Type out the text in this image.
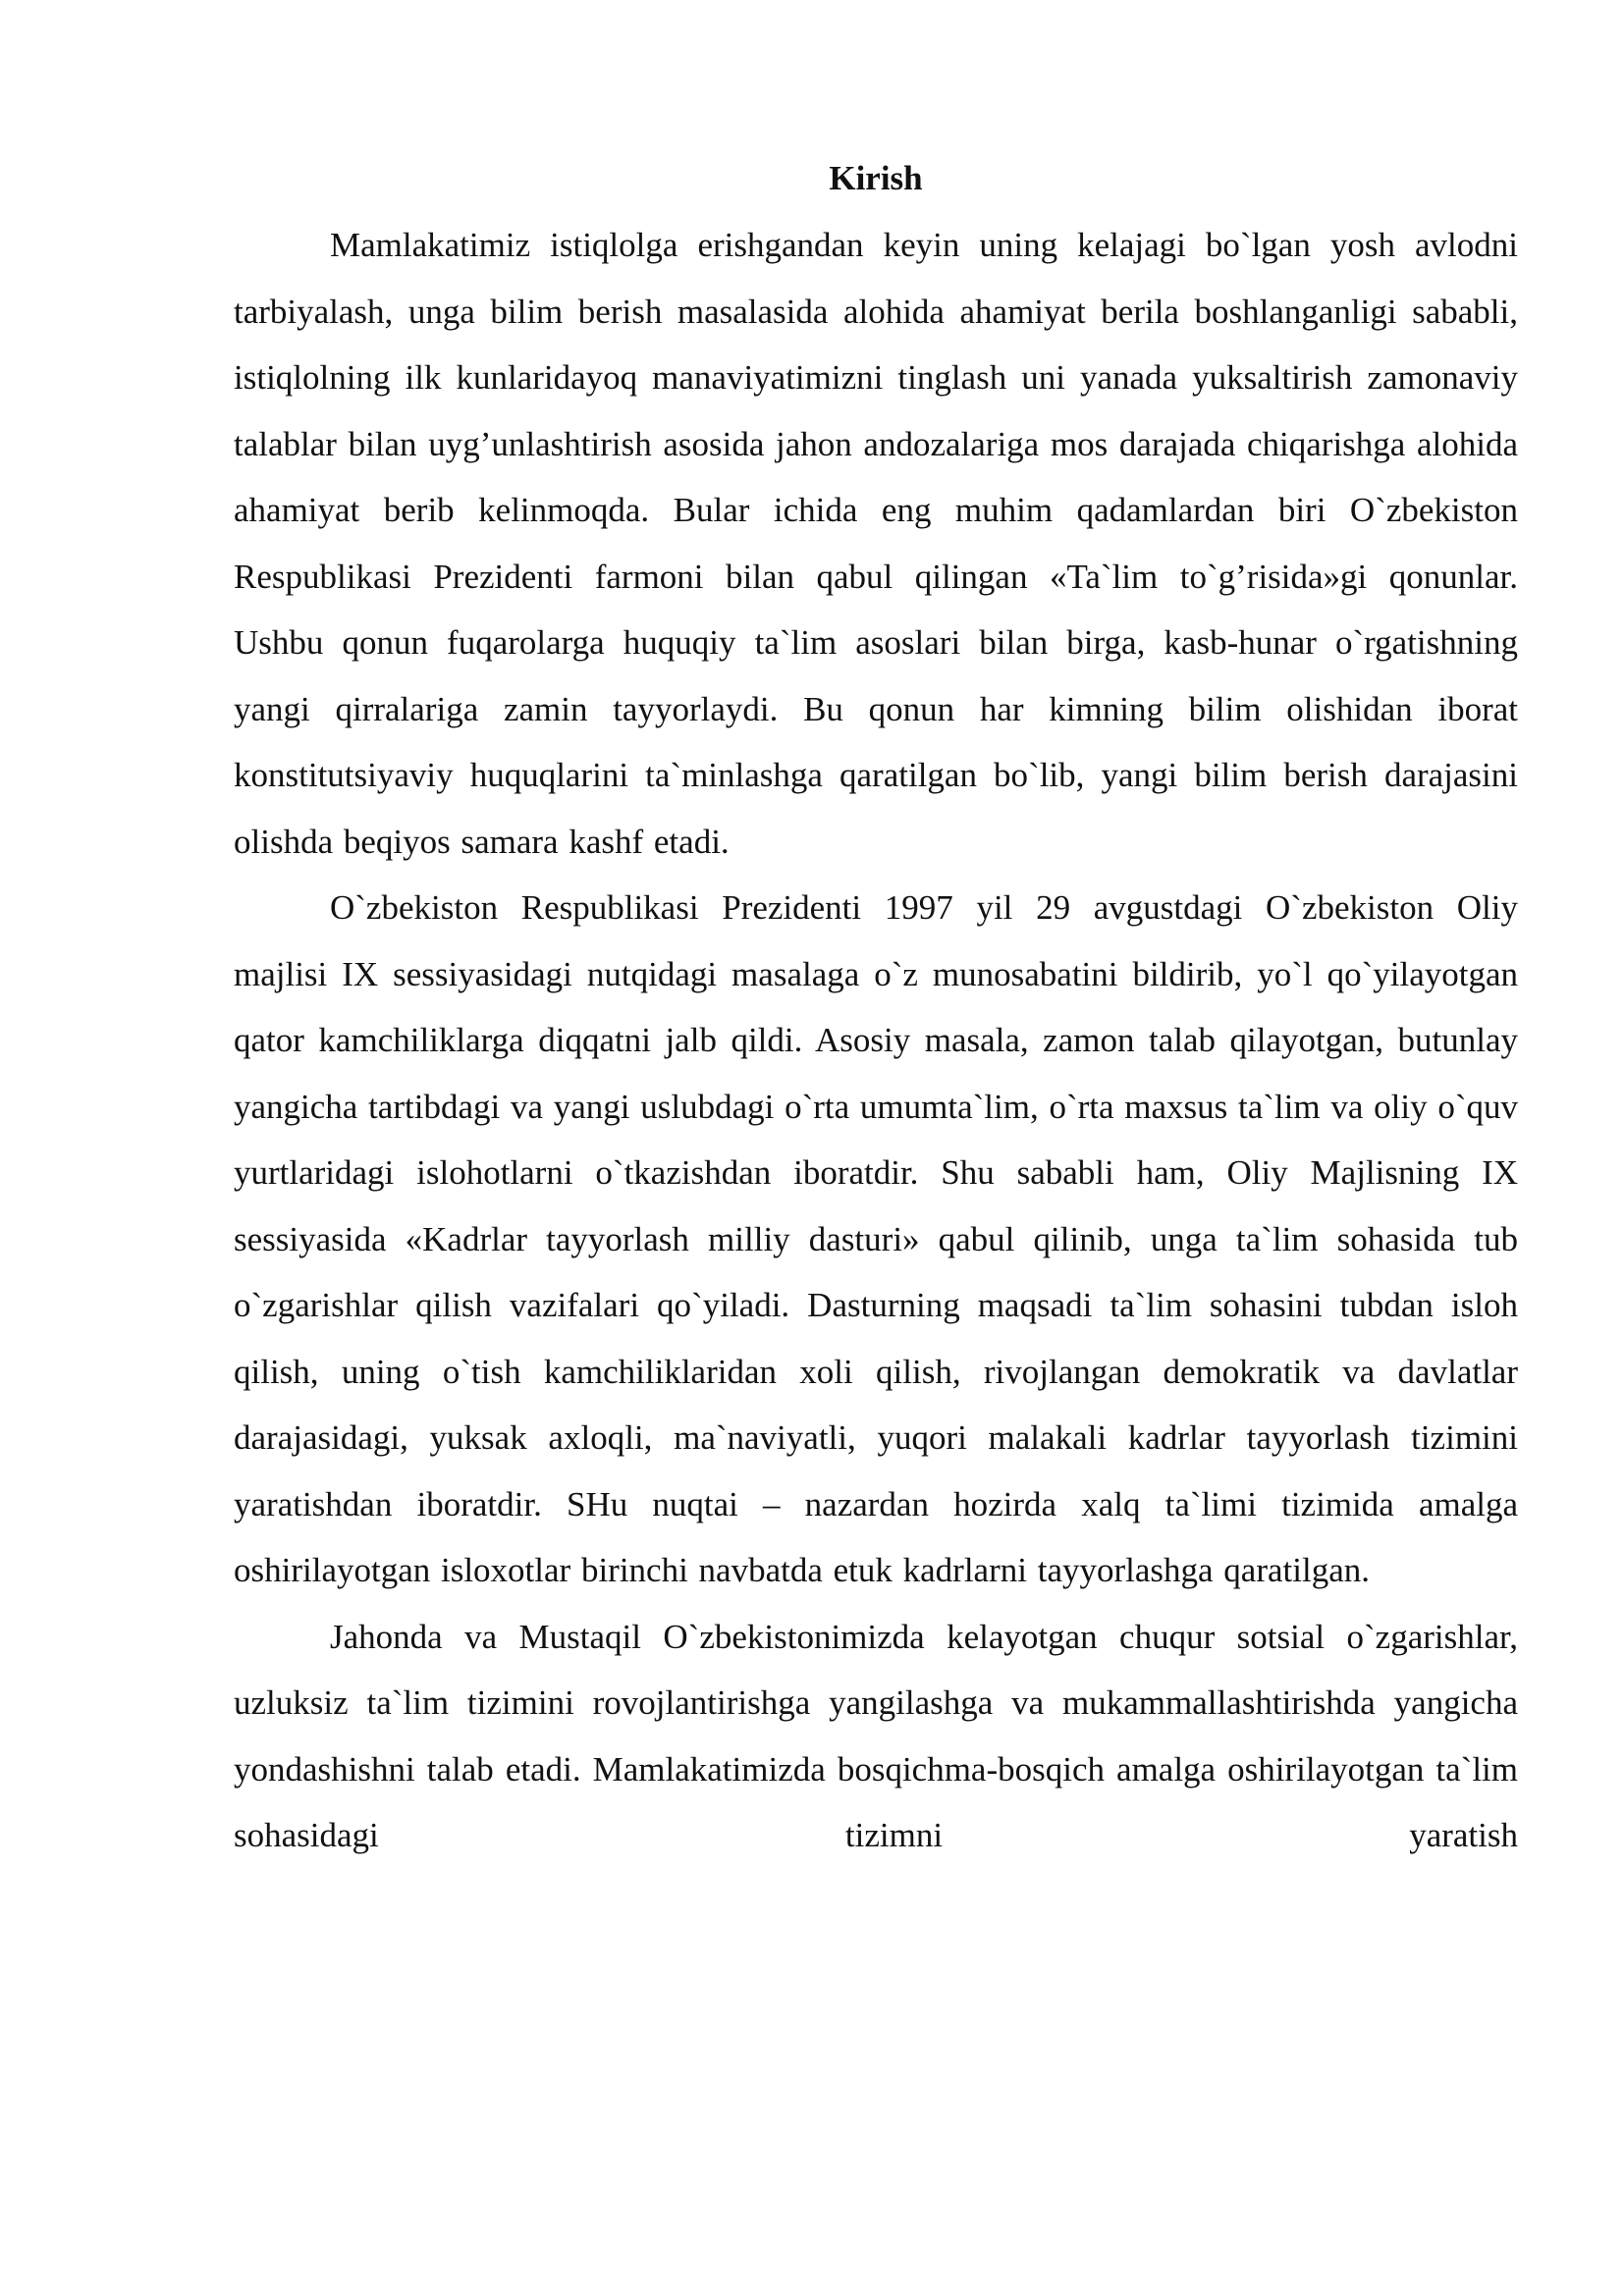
Kirish

Mamlakatimiz istiqlolga erishgandan keyin uning kelajagi bo`lgan yosh avlodni tarbiyalash, unga bilim berish masalasida alohida ahamiyat berila boshlanganligi sababli, istiqlolning ilk kunlaridayoq manaviyatimizni tinglash uni yanada yuksaltirish zamonaviy talablar bilan uyg’unlashtirish asosida jahon andozalariga mos darajada chiqarishga alohida ahamiyat berib kelinmoqda. Bular ichida eng muhim qadamlardan biri O`zbekiston Respublikasi Prezidenti farmoni bilan qabul qilingan «Ta`lim to`g’risida»gi qonunlar. Ushbu qonun fuqarolarga huquqiy ta`lim asoslari bilan birga, kasb-hunar o`rgatishning yangi qirralariga zamin tayyorlaydi. Bu qonun har kimning bilim olishidan iborat konstitutsiyaviy huquqlarini ta`minlashga qaratilgan bo`lib, yangi bilim berish darajasini olishda beqiyos samara kashf etadi.

O`zbekiston Respublikasi Prezidenti 1997 yil 29 avgustdagi O`zbekiston Oliy majlisi IX sessiyasidagi nutqidagi masalaga o`z munosabatini bildirib, yo`l qo`yilayotgan qator kamchiliklarga diqqatni jalb qildi. Asosiy masala, zamon talab qilayotgan, butunlay yangicha tartibdagi va yangi uslubdagi o`rta umumta`lim, o`rta maxsus ta`lim va oliy o`quv yurtlaridagi islohotlarni o`tkazishdan iboratdir. Shu sababli ham, Oliy Majlisning IX sessiyasida «Kadrlar tayyorlash milliy dasturi» qabul qilinib, unga ta`lim sohasida tub o`zgarishlar qilish vazifalari qo`yiladi. Dasturning maqsadi ta`lim sohasini tubdan isloh qilish, uning o`tish kamchiliklaridan xoli qilish, rivojlangan demokratik va davlatlar darajasidagi, yuksak axloqli, ma`naviyatli, yuqori malakali kadrlar tayyorlash tizimini yaratishdan iboratdir. SHu nuqtai – nazardan hozirda xalq ta`limi tizimida amalga oshirilayotgan isloxotlar birinchi navbatda etuk kadrlarni tayyorlashga qaratilgan.

Jahonda va Mustaqil O`zbekistonimizda kelayotgan chuqur sotsial o`zgarishlar, uzluksiz ta`lim tizimini rovojlantirishga yangilashga va mukammallashtirishda yangicha yondashishni talab etadi. Mamlakatimizda bosqichma-bosqich amalga oshirilayotgan ta`lim sohasidagi tizimni yaratish
